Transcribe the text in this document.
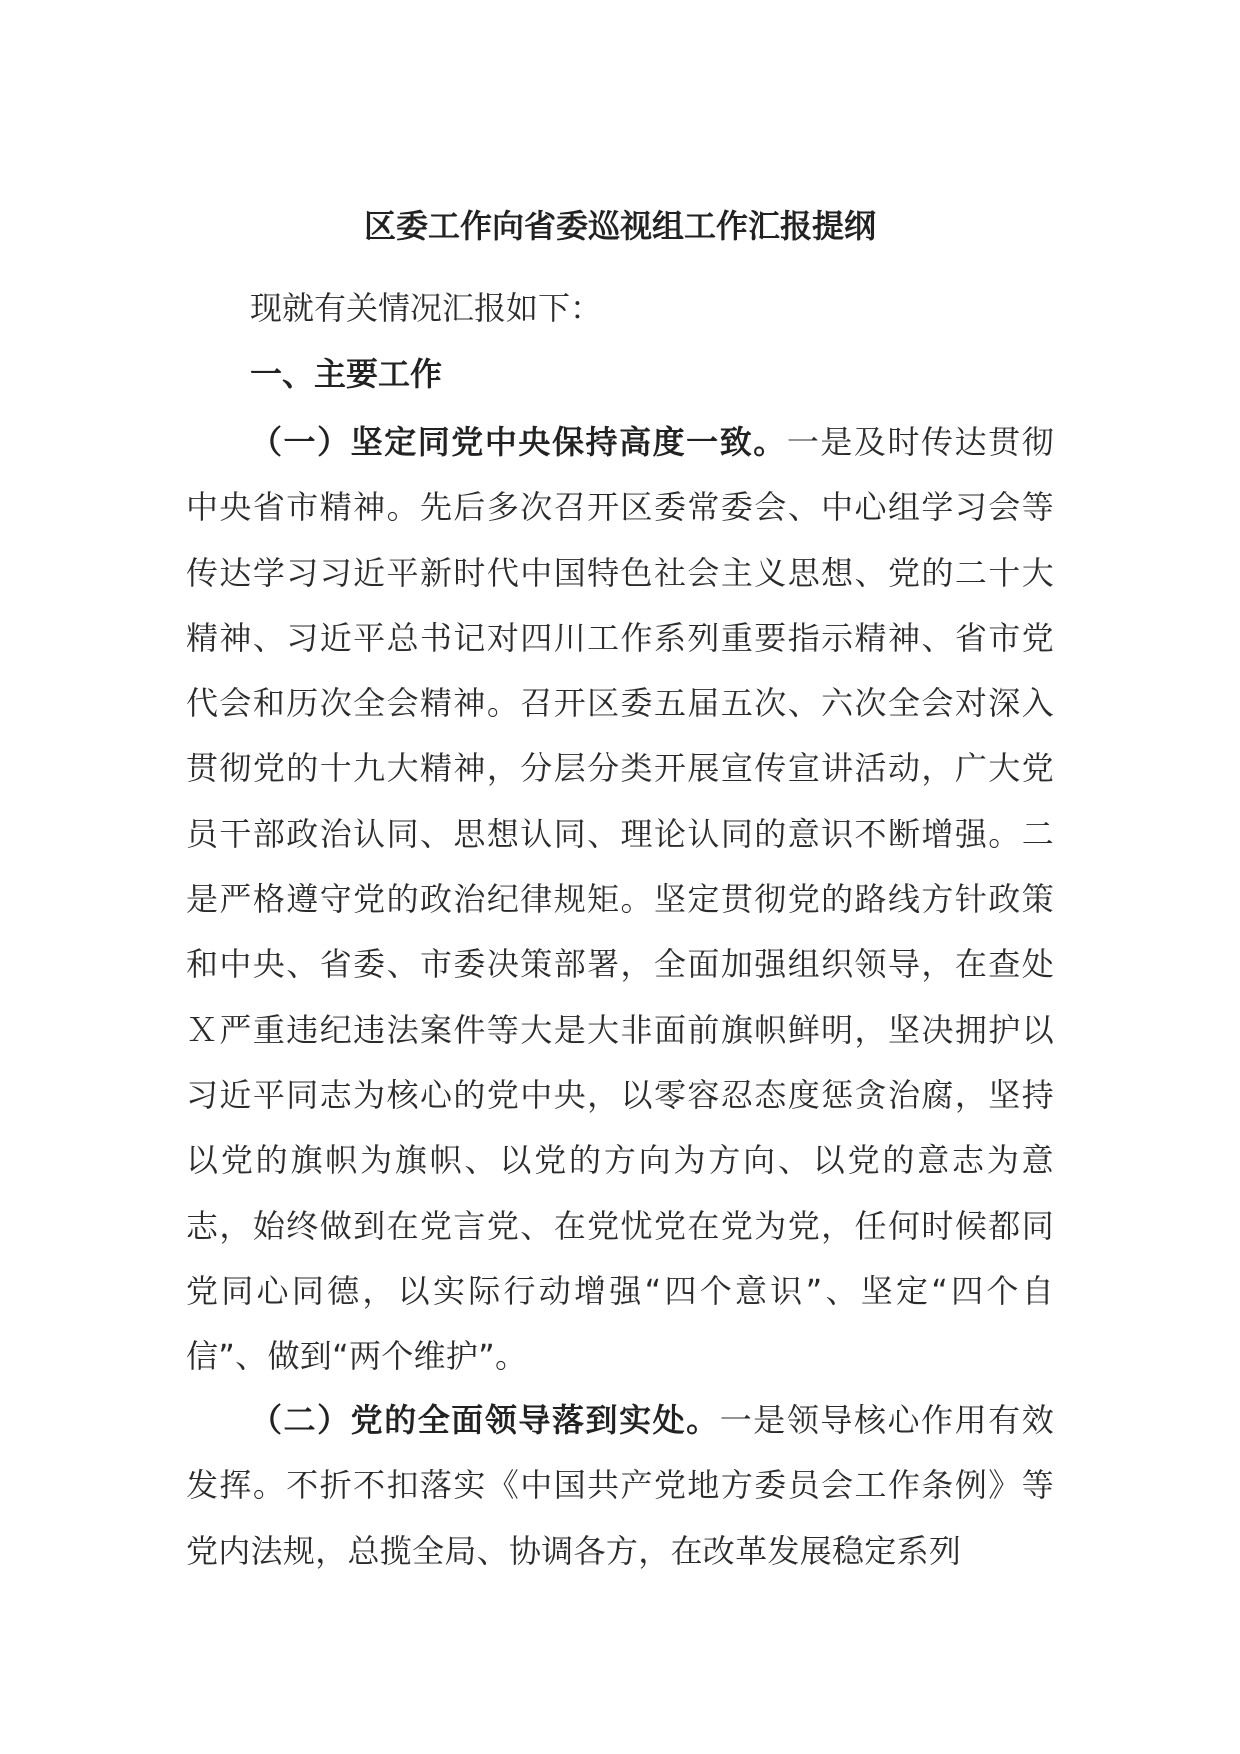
区委工作向省委巡视组工作汇报提纲

现就有关情况汇报如下：

一、主要工作

（一）坚定同党中央保持高度一致。一是及时传达贯彻中央省市精神。先后多次召开区委常委会、中心组学习会等传达学习习近平新时代中国特色社会主义思想、党的二十大精神、习近平总书记对四川工作系列重要指示精神、省市党代会和历次全会精神。召开区委五届五次、六次全会对深入贯彻党的十九大精神，分层分类开展宣传宣讲活动，广大党员干部政治认同、思想认同、理论认同的意识不断增强。二是严格遵守党的政治纪律规矩。坚定贯彻党的路线方针政策和中央、省委、市委决策部署，全面加强组织领导，在查处Ｘ严重违纪违法案件等大是大非面前旗帜鲜明，坚决拥护以习近平同志为核心的党中央，以零容忍态度惩贪治腐，坚持以党的旗帜为旗帜、以党的方向为方向、以党的意志为意志，始终做到在党言党、在党忧党在党为党，任何时候都同党同心同德，以实际行动增强“四个意识”、坚定“四个自信”、做到“两个维护”。

（二）党的全面领导落到实处。一是领导核心作用有效发挥。不折不扣落实《中国共产党地方委员会工作条例》等党内法规，总揽全局、协调各方，在改革发展稳定系列
